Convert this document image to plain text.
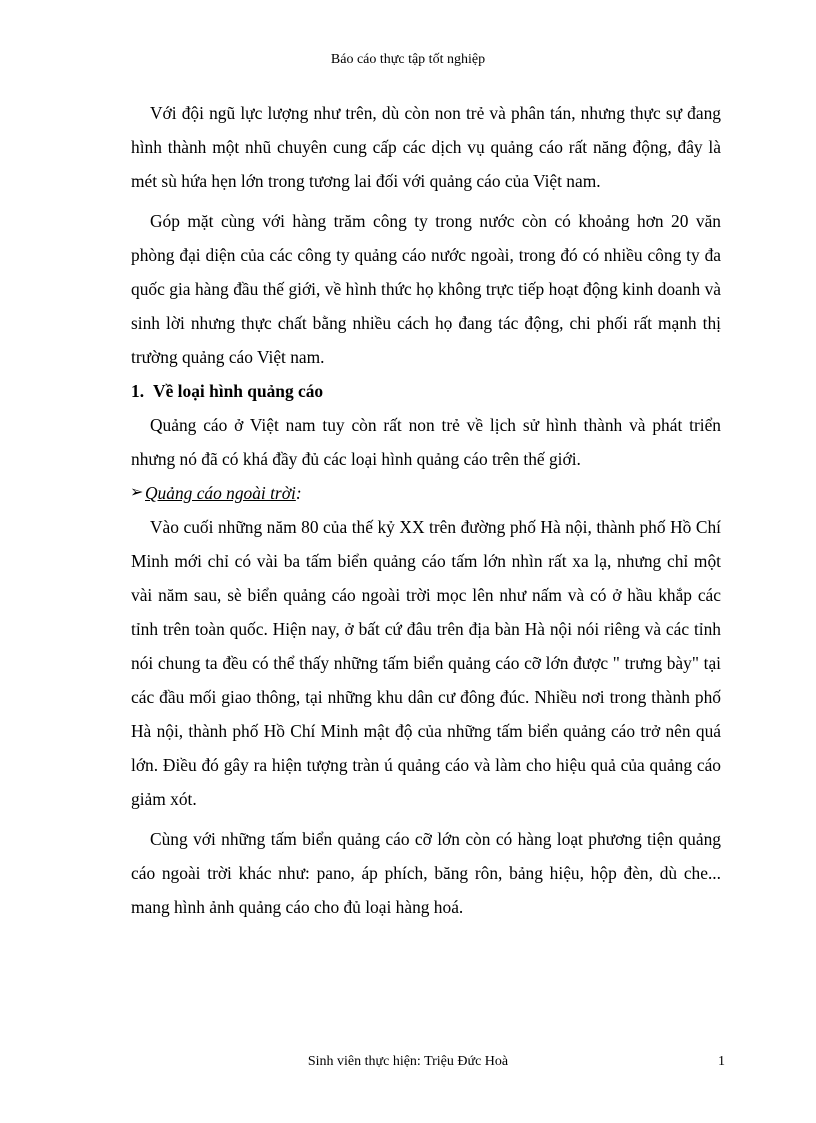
Báo cáo thực tập tốt nghiệp

Với đội ngũ lực lượng như trên, dù còn non trẻ và phân tán, nhưng thực sự đang hình thành một nhũ chuyên cung cấp các dịch vụ quảng cáo rất năng động, đây là mét sù hứa hẹn lớn trong tương lai đối với quảng cáo của Việt nam.

Góp mặt cùng với hàng trăm công ty trong nước còn có khoảng hơn 20 văn phòng đại diện của các công ty quảng cáo nước ngoài, trong đó có nhiều công ty đa quốc gia hàng đầu thế giới, về hình thức họ không trực tiếp hoạt động kinh doanh và sinh lời nhưng thực chất bằng nhiều cách họ đang tác động, chi phối rất mạnh thị trường quảng cáo Việt nam.

1. Về loại hình quảng cáo

Quảng cáo ở Việt nam tuy còn rất non trẻ về lịch sử hình thành và phát triển nhưng nó đã có khá đầy đủ các loại hình quảng cáo trên thế giới.

➢ Quảng cáo ngoài trời:

Vào cuối những năm 80 của thế kỷ XX trên đường phố Hà nội, thành phố Hồ Chí Minh mới chỉ có vài ba tấm biển quảng cáo tấm lớn nhìn rất xa lạ, nhưng chỉ một vài năm sau, sè biển quảng cáo ngoài trời mọc lên như nấm và có ở hầu khắp các tỉnh trên toàn quốc. Hiện nay, ở bất cứ đâu trên địa bàn Hà nội nói riêng và các tỉnh nói chung ta đều có thể thấy những tấm biển quảng cáo cỡ lớn được " trưng bày" tại các đầu mối giao thông, tại những khu dân cư đông đúc. Nhiều nơi trong thành phố Hà nội, thành phố Hồ Chí Minh mật độ của những tấm biển quảng cáo trở nên quá lớn. Điều đó gây ra hiện tượng tràn ú quảng cáo và làm cho hiệu quả của quảng cáo giảm xót.

Cùng với những tấm biển quảng cáo cỡ lớn còn có hàng loạt phương tiện quảng cáo ngoài trời khác như: pano, áp phích, băng rôn, bảng hiệu, hộp đèn, dù che... mang hình ảnh quảng cáo cho đủ loại hàng hoá.

Sinh viên thực hiện: Triệu Đức Hoà	1
